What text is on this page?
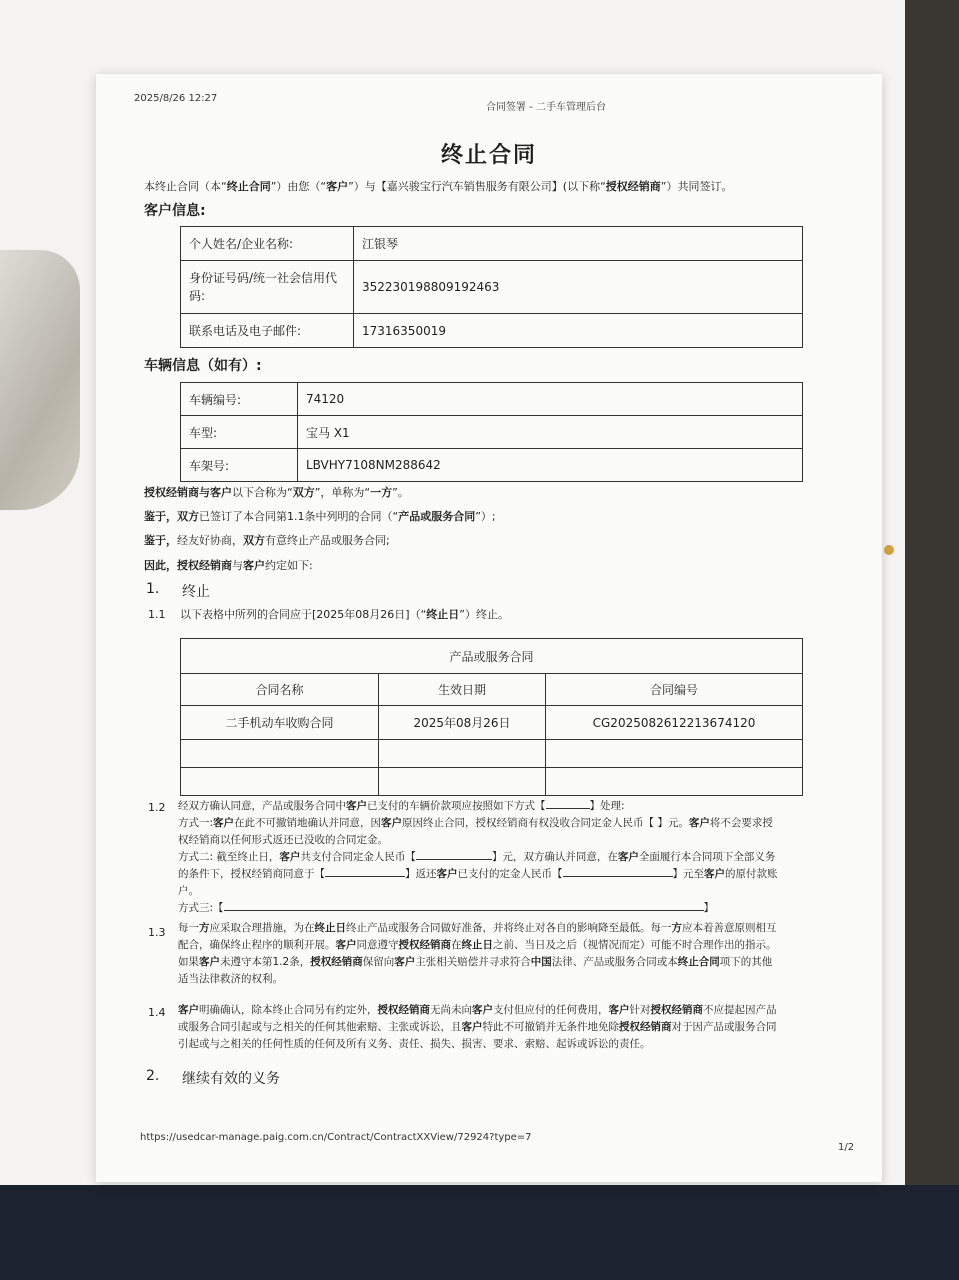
2025/8/26 12:27
合同签署 - 二手车管理后台
终止合同
本终止合同（本“终止合同”）由您（“客户”）与【嘉兴骏宝行汽车销售服务有限公司】(以下称“授权经销商”）共同签订。
客户信息:
个人姓名/企业名称:	江银琴
身份证号码/统一社会信用代码:	352230198809192463
联系电话及电子邮件:	17316350019
车辆信息（如有）:
车辆编号:	74120
车型:	宝马 X1
车架号:	LBVHY7108NM288642
授权经销商与客户以下合称为“双方”，单称为“一方”。
鉴于，双方已签订了本合同第1.1条中列明的合同（“产品或服务合同”）;
鉴于，经友好协商，双方有意终止产品或服务合同;
因此，授权经销商与客户约定如下:
1. 终止
1.1 以下表格中所列的合同应于[2025年08月26日]（“终止日”）终止。
产品或服务合同		
合同名称	生效日期	合同编号
二手机动车收购合同	2025年08月26日	CG2025082612213674120

1.2 经双方确认同意，产品或服务合同中客户已支付的车辆价款项应按照如下方式【	】处理:
方式一:客户在此不可撤销地确认并同意，因客户原因终止合同，授权经销商有权没收合同定金人民币【 】元。客户将不会要求授
权经销商以任何形式返还已没收的合同定金。
方式二: 截至终止日，客户共支付合同定金人民币【	】元，双方确认并同意，在客户全面履行本合同项下全部义务
的条件下，授权经销商同意于【	】返还客户已支付的定金人民币【	】元至客户的原付款账
户。
方式三:【	】
1.3 每一方应采取合理措施，为在终止日终止产品或服务合同做好准备，并将终止对各自的影响降至最低。每一方应本着善意原则相互
配合，确保终止程序的顺利开展。客户同意遵守授权经销商在终止日之前、当日及之后（视情况而定）可能不时合理作出的指示。
如果客户未遵守本第1.2条，授权经销商保留向客户主张相关赔偿并寻求符合中国法律、产品或服务合同或本终止合同项下的其他
适当法律救济的权利。
1.4 客户明确确认，除本终止合同另有约定外，授权经销商无尚未向客户支付但应付的任何费用，客户针对授权经销商不应提起因产品
或服务合同引起或与之相关的任何其他索赔、主张或诉讼，且客户特此不可撤销并无条件地免除授权经销商对于因产品或服务合同
引起或与之相关的任何性质的任何及所有义务、责任、损失、损害、要求、索赔、起诉或诉讼的责任。
2. 继续有效的义务
https://usedcar-manage.paig.com.cn/Contract/ContractXXView/72924?type=7
1/2
